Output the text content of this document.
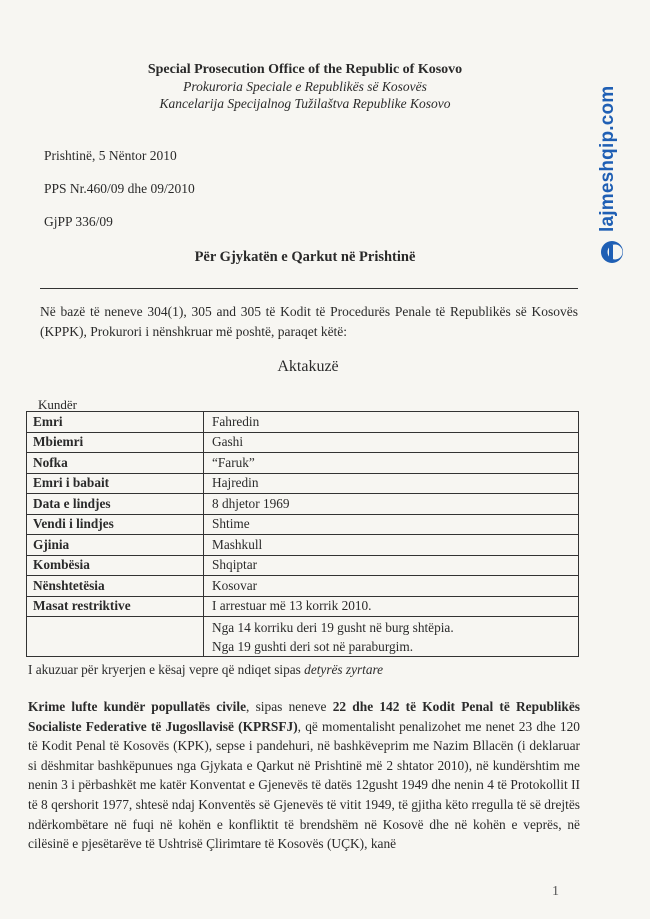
Special Prosecution Office of the Republic of Kosovo
Prokuroria Speciale e Republikës së Kosovës
Kancelarija Specijalnog Tužilaštva Republike Kosovo
Prishtinë, 5 Nëntor 2010
PPS Nr.460/09 dhe 09/2010
GjPP 336/09
Për Gjykatën e Qarkut në Prishtinë
Në bazë të neneve 304(1), 305 and 305 të Kodit të Procedurës Penale të Republikës së Kosovës (KPPK), Prokurori i nënshkruar më poshtë, paraqet këtë:
Aktakuzë
Kundër
Emri	Fahredin
Mbiemri	Gashi
Nofka	“Faruk”
Emri i babait	Hajredin
Data e lindjes	8 dhjetor 1969
Vendi i lindjes	Shtime
Gjinia	Mashkull
Kombësia	Shqiptar
Nënshtetësia	Kosovar
Masat restriktive	I arrestuar më 13 korrik 2010.

	Nga 14 korriku deri 19 gusht në burg shtëpia.
Nga 19 gushti deri sot në paraburgim.
I akuzuar për kryerjen e kësaj vepre që ndiqet sipas detyrës zyrtare
Krime lufte kundër popullatës civile, sipas neneve 22 dhe 142 të Kodit Penal të Republikës Socialiste Federative të Jugosllavisë (KPRSFJ), që momentalisht penalizohet me nenet 23 dhe 120 të Kodit Penal të Kosovës (KPK), sepse i pandehuri, në bashkëveprim me Nazim Bllacën (i deklaruar si dëshmitar bashkëpunues nga Gjykata e Qarkut në Prishtinë më 2 shtator 2010), në kundërshtim me nenin 3 i përbashkët me katër Konventat e Gjenevës të datës 12gusht 1949 dhe nenin 4 të Protokollit II të 8 qershorit 1977, shtesë ndaj Konventës së Gjenevës të vitit 1949, të gjitha këto rregulla të së drejtës ndërkombëtare në fuqi në kohën e konfliktit të brendshëm në Kosovë dhe në kohën e veprës, në cilësinë e pjesëtarëve të Ushtrisë Çlirimtare të Kosovës (UÇK), kanë
1
lajmeshqip.com
